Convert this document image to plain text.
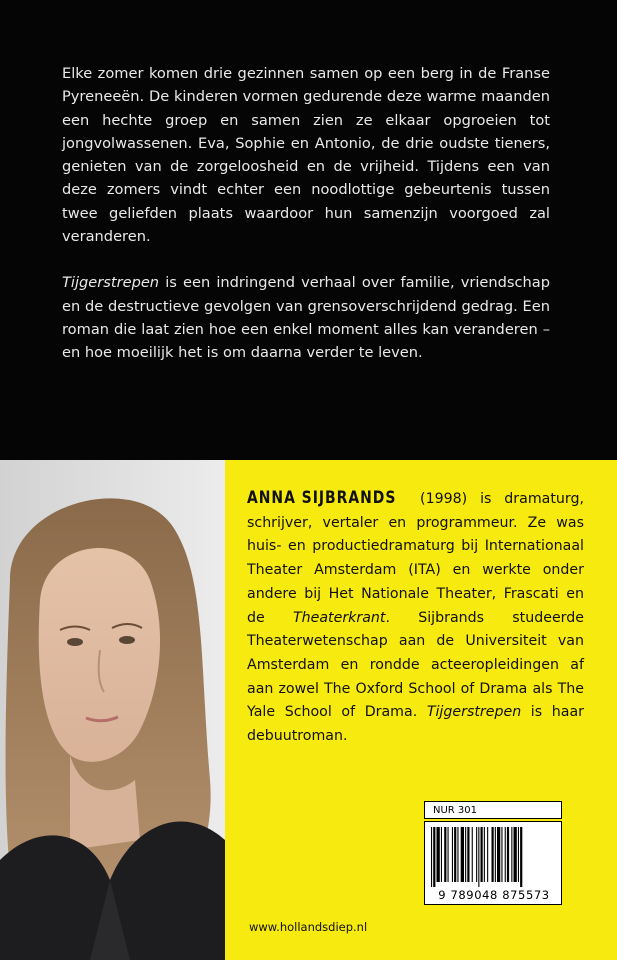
Elke zomer komen drie gezinnen samen op een berg in de Franse Pyreneeën. De kinderen vormen gedurende deze warme maanden een hechte groep en samen zien ze elkaar opgroeien tot jongvolwassenen. Eva, Sophie en Antonio, de drie oudste tieners, genieten van de zorgeloosheid en de vrijheid. Tijdens een van deze zomers vindt echter een noodlottige gebeurtenis tussen twee geliefden plaats waardoor hun samenzijn voorgoed zal veranderen.

Tijgerstrepen is een indringend verhaal over familie, vriendschap en de destructieve gevolgen van grensoverschrijdend gedrag. Een roman die laat zien hoe een enkel moment alles kan veranderen – en hoe moeilijk het is om daarna verder te leven.

ANNA SIJBRANDS (1998) is dramaturg, schrijver, vertaler en programmeur. Ze was huis- en productiedramaturg bij Internationaal Theater Amsterdam (ITA) en werkte onder andere bij Het Nationale Theater, Frascati en de Theaterkrant. Sijbrands studeerde Theaterwetenschap aan de Universiteit van Amsterdam en rondde acteeropleidingen af aan zowel The Oxford School of Drama als The Yale School of Drama. Tijgerstrepen is haar debuutroman.

NUR 301
9 789048 875573
www.hollandsdiep.nl
